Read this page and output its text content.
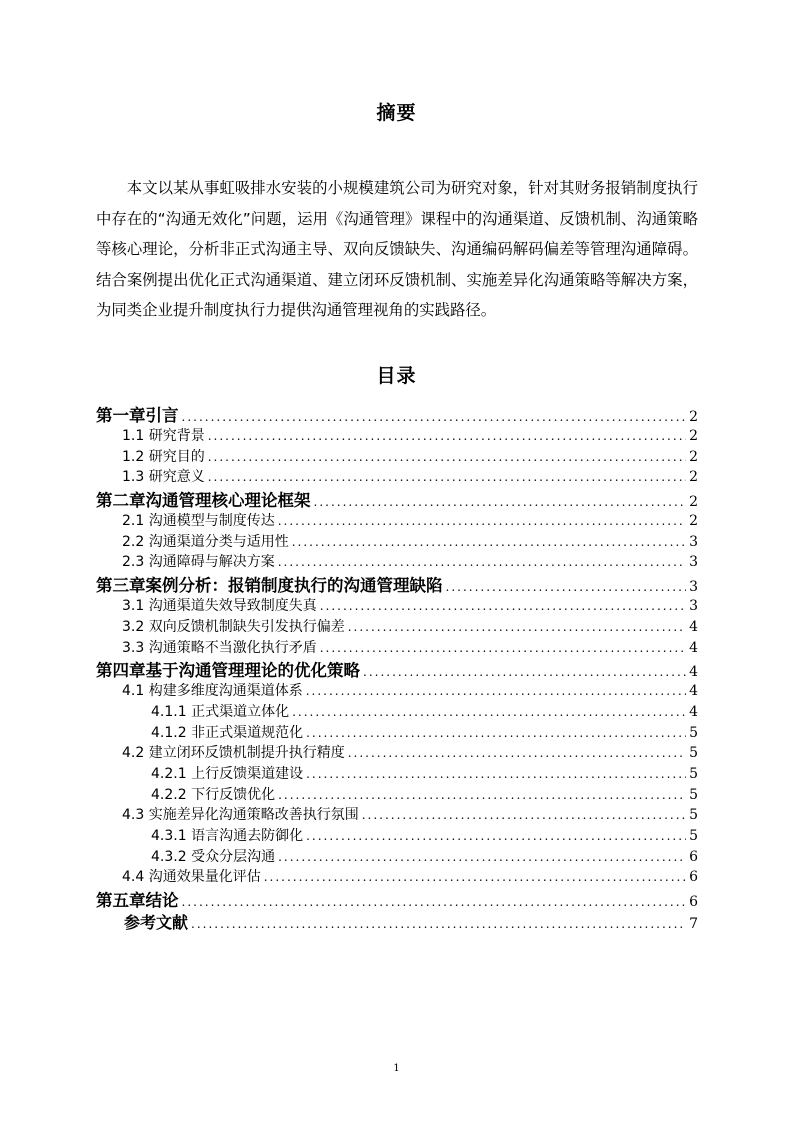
摘要

本文以某从事虹吸排水安装的小规模建筑公司为研究对象，针对其财务报销制度执行中存在的“沟通无效化”问题，运用《沟通管理》课程中的沟通渠道、反馈机制、沟通策略等核心理论，分析非正式沟通主导、双向反馈缺失、沟通编码解码偏差等管理沟通障碍。结合案例提出优化正式沟通渠道、建立闭环反馈机制、实施差异化沟通策略等解决方案，为同类企业提升制度执行力提供沟通管理视角的实践路径。

目录
第一章引言 .....	2
1.1 研究背景 .....	2
1.2 研究目的 .....	2
1.3 研究意义 .....	2
第二章沟通管理核心理论框架 .....	2
2.1 沟通模型与制度传达 .....	2
2.2 沟通渠道分类与适用性 .....	3
2.3 沟通障碍与解决方案 .....	3
第三章案例分析：报销制度执行的沟通管理缺陷 .....	3
3.1 沟通渠道失效导致制度失真 .....	3
3.2 双向反馈机制缺失引发执行偏差 .....	4
3.3 沟通策略不当激化执行矛盾 .....	4
第四章基于沟通管理理论的优化策略 .....	4
4.1 构建多维度沟通渠道体系 .....	4
4.1.1 正式渠道立体化 .....	4
4.1.2 非正式渠道规范化 .....	5
4.2 建立闭环反馈机制提升执行精度 .....	5
4.2.1 上行反馈渠道建设 .....	5
4.2.2 下行反馈优化 .....	5
4.3 实施差异化沟通策略改善执行氛围 .....	5
4.3.1 语言沟通去防御化 .....	5
4.3.2 受众分层沟通 .....	6
4.4 沟通效果量化评估 .....	6
第五章结论 .....	6
参考文献 .....	7
1
